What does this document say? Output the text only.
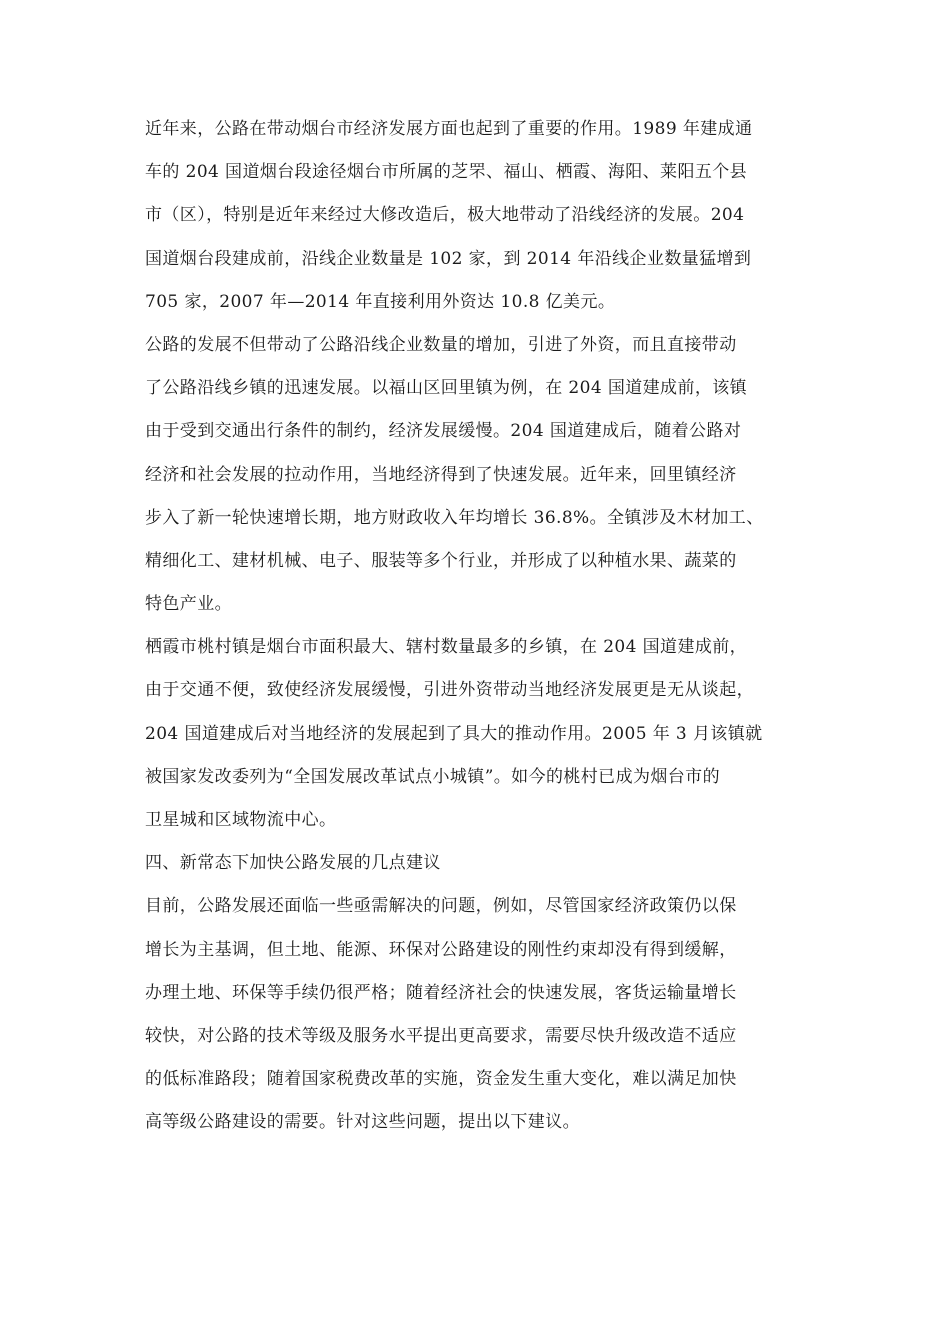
近年来，公路在带动烟台市经济发展方面也起到了重要的作用。1989 年建成通
车的 204 国道烟台段途径烟台市所属的芝罘、福山、栖霞、海阳、莱阳五个县
市（区），特别是近年来经过大修改造后，极大地带动了沿线经济的发展。204
国道烟台段建成前，沿线企业数量是 102 家，到 2014 年沿线企业数量猛增到
705 家，2007 年—2014 年直接利用外资达 10.8 亿美元。
公路的发展不但带动了公路沿线企业数量的增加，引进了外资，而且直接带动
了公路沿线乡镇的迅速发展。以福山区回里镇为例，在 204 国道建成前，该镇
由于受到交通出行条件的制约，经济发展缓慢。204 国道建成后，随着公路对
经济和社会发展的拉动作用，当地经济得到了快速发展。近年来，回里镇经济
步入了新一轮快速增长期，地方财政收入年均增长 36.8%。全镇涉及木材加工、
精细化工、建材机械、电子、服装等多个行业，并形成了以种植水果、蔬菜的
特色产业。
栖霞市桃村镇是烟台市面积最大、辖村数量最多的乡镇，在 204 国道建成前，
由于交通不便，致使经济发展缓慢，引进外资带动当地经济发展更是无从谈起，
204 国道建成后对当地经济的发展起到了具大的推动作用。2005 年 3 月该镇就
被国家发改委列为“全国发展改革试点小城镇”。如今的桃村已成为烟台市的
卫星城和区域物流中心。
四、新常态下加快公路发展的几点建议
目前，公路发展还面临一些亟需解决的问题，例如，尽管国家经济政策仍以保
增长为主基调，但土地、能源、环保对公路建设的刚性约束却没有得到缓解，
办理土地、环保等手续仍很严格；随着经济社会的快速发展，客货运输量增长
较快，对公路的技术等级及服务水平提出更高要求，需要尽快升级改造不适应
的低标准路段；随着国家税费改革的实施，资金发生重大变化，难以满足加快
高等级公路建设的需要。针对这些问题，提出以下建议。
